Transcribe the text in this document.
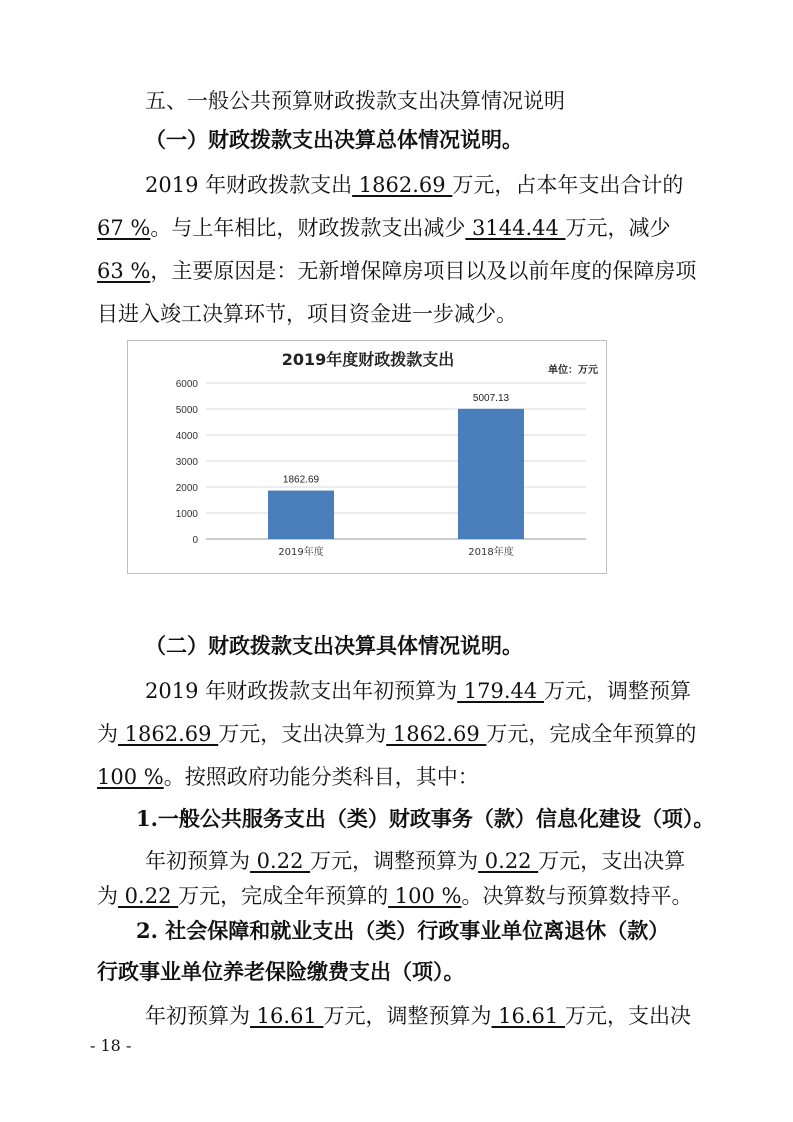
五、一般公共预算财政拨款支出决算情况说明
（一）财政拨款支出决算总体情况说明。
2019 年财政拨款支出 1862.69 万元，占本年支出合计的
67 %。与上年相比，财政拨款支出减少 3144.44 万元，减少
63 %，主要原因是：无新增保障房项目以及以前年度的保障房项
目进入竣工决算环节，项目资金进一步减少。
2019年度财政拨款支出
单位：万元
0
1000
2000
3000
4000
5000
6000
1862.69
2019年度
5007.13
2018年度
（二）财政拨款支出决算具体情况说明。
2019 年财政拨款支出年初预算为 179.44 万元，调整预算
为 1862.69 万元，支出决算为 1862.69 万元，完成全年预算的
100 %。按照政府功能分类科目，其中：
1.一般公共服务支出（类）财政事务（款）信息化建设（项）。
年初预算为 0.22 万元，调整预算为 0.22 万元，支出决算
为 0.22 万元，完成全年预算的 100 %。决算数与预算数持平。
2. 社会保障和就业支出（类）行政事业单位离退休（款）
行政事业单位养老保险缴费支出（项）。
年初预算为 16.61 万元，调整预算为 16.61 万元，支出决
- 18 -
